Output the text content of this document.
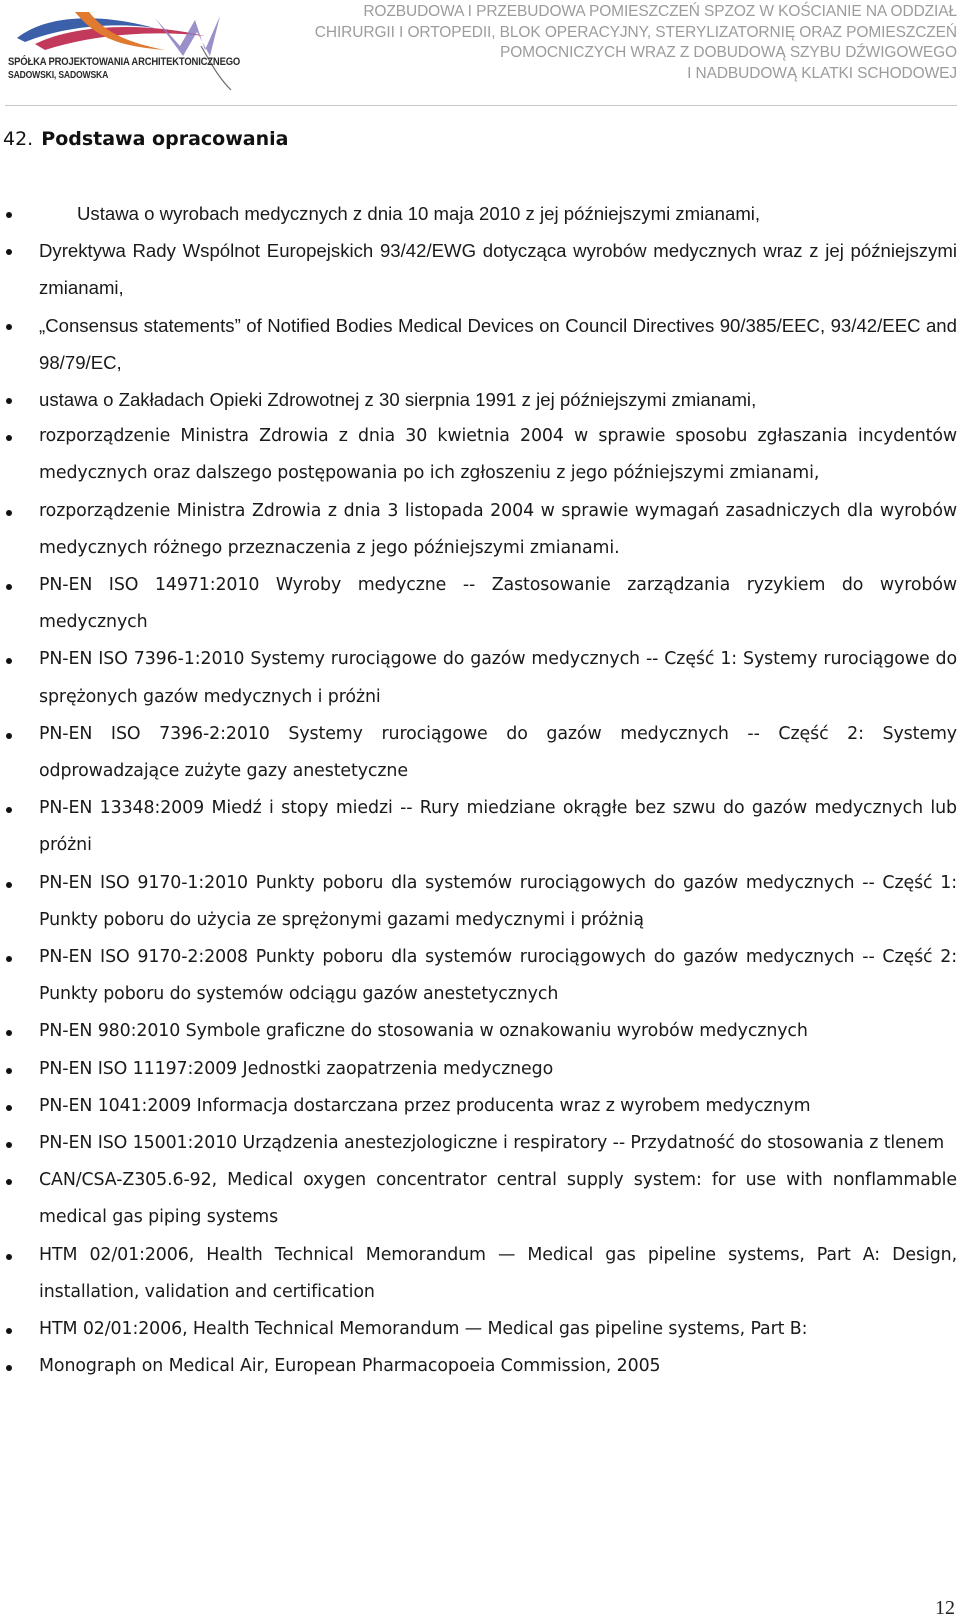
SPÓŁKA PROJEKTOWANIA ARCHITEKTONICZNEGO
SADOWSKI, SADOWSKA
ROZBUDOWA I PRZEBUDOWA POMIESZCZEŃ SPZOZ W KOŚCIANIE NA ODDZIAŁ
CHIRURGII I ORTOPEDII, BLOK OPERACYJNY, STERYLIZATORNIĘ ORAZ POMIESZCZEŃ
POMOCNICZYCH WRAZ Z DOBUDOWĄ SZYBU DŹWIGOWEGO
I NADBUDOWĄ KLATKI SCHODOWEJ
42. Podstawa opracowania
Ustawa o wyrobach medycznych z dnia 10 maja 2010 z jej późniejszymi zmianami,
Dyrektywa Rady Wspólnot Europejskich 93/42/EWG dotycząca wyrobów medycznych wraz z jej późniejszymi zmianami,
„Consensus statements” of Notified Bodies Medical Devices on Council Directives 90/385/EEC, 93/42/EEC and 98/79/EC,
ustawa o Zakładach Opieki Zdrowotnej z 30 sierpnia 1991 z jej późniejszymi zmianami,
rozporządzenie Ministra Zdrowia z dnia 30 kwietnia 2004 w sprawie sposobu zgłaszania incydentów medycznych oraz dalszego postępowania po ich zgłoszeniu z jego późniejszymi zmianami,
rozporządzenie Ministra Zdrowia z dnia 3 listopada 2004 w sprawie wymagań zasadniczych dla wyrobów medycznych różnego przeznaczenia z jego późniejszymi zmianami.
PN-EN ISO 14971:2010 Wyroby medyczne -- Zastosowanie zarządzania ryzykiem do wyrobów medycznych
PN-EN ISO 7396-1:2010 Systemy rurociągowe do gazów medycznych -- Część 1: Systemy rurociągowe do sprężonych gazów medycznych i próżni
PN-EN ISO 7396-2:2010 Systemy rurociągowe do gazów medycznych -- Część 2: Systemy odprowadzające zużyte gazy anestetyczne
PN-EN 13348:2009 Miedź i stopy miedzi -- Rury miedziane okrągłe bez szwu do gazów medycznych lub próżni
PN-EN ISO 9170-1:2010 Punkty poboru dla systemów rurociągowych do gazów medycznych -- Część 1: Punkty poboru do użycia ze sprężonymi gazami medycznymi i próżnią
PN-EN ISO 9170-2:2008 Punkty poboru dla systemów rurociągowych do gazów medycznych -- Część 2: Punkty poboru do systemów odciągu gazów anestetycznych
PN-EN 980:2010 Symbole graficzne do stosowania w oznakowaniu wyrobów medycznych
PN-EN ISO 11197:2009 Jednostki zaopatrzenia medycznego
PN-EN 1041:2009 Informacja dostarczana przez producenta wraz z wyrobem medycznym
PN-EN ISO 15001:2010 Urządzenia anestezjologiczne i respiratory -- Przydatność do stosowania z tlenem
CAN/CSA-Z305.6-92, Medical oxygen concentrator central supply system: for use with nonflammable medical gas piping systems
HTM 02/01:2006, Health Technical Memorandum — Medical gas pipeline systems, Part A: Design, installation, validation and certification
HTM 02/01:2006, Health Technical Memorandum — Medical gas pipeline systems, Part B:
Monograph on Medical Air, European Pharmacopoeia Commission, 2005
12
